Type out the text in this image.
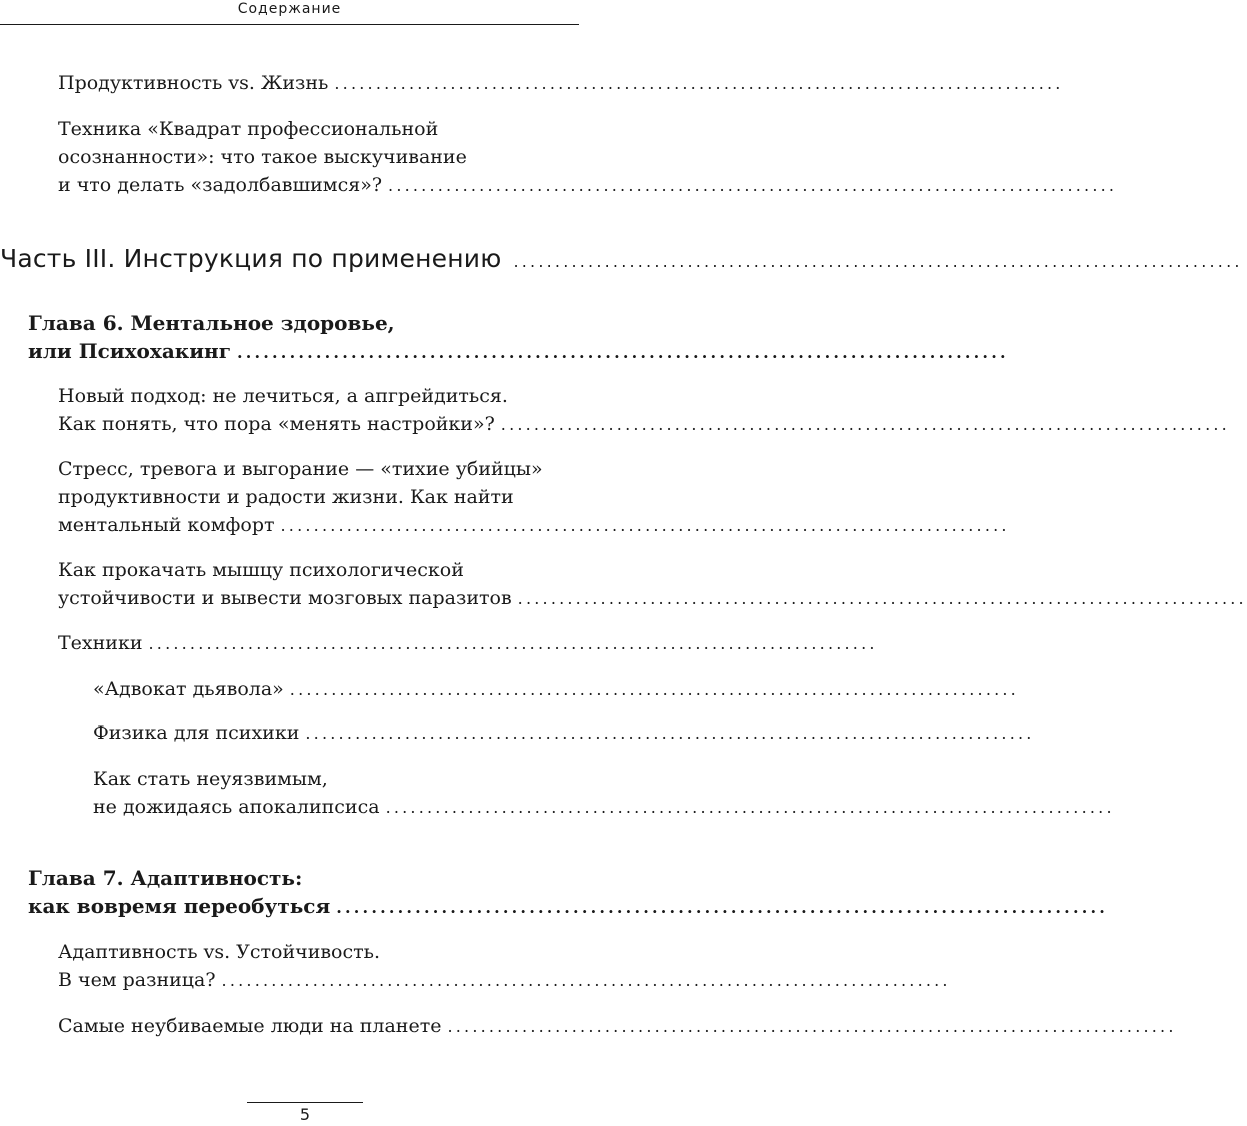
Содержание
Продуктивность vs. Жизнь ........................................................................................
Техника «Квадрат профессиональной
осознанности»: что такое выскучивание
и что делать «задолбавшимся»? ........................................................................................
Часть III. Инструкция по применению ........................................................................................
Глава 6. Ментальное здоровье,
или Психохакинг ........................................................................................
Новый подход: не лечиться, а апгрейдиться.
Как понять, что пора «менять настройки»? ........................................................................................
Стресс, тревога и выгорание — «тихие убийцы»
продуктивности и радости жизни. Как найти
ментальный комфорт ........................................................................................
Как прокачать мышцу психологической
устойчивости и вывести мозговых паразитов ........................................................................................
Техники ........................................................................................
«Адвокат дьявола» ........................................................................................
Физика для психики ........................................................................................
Как стать неуязвимым,
не дожидаясь апокалипсиса ........................................................................................
Глава 7. Адаптивность:
как вовремя переобуться ........................................................................................
Адаптивность vs. Устойчивость.
В чем разница? ........................................................................................
Самые неубиваемые люди на планете ........................................................................................
5
